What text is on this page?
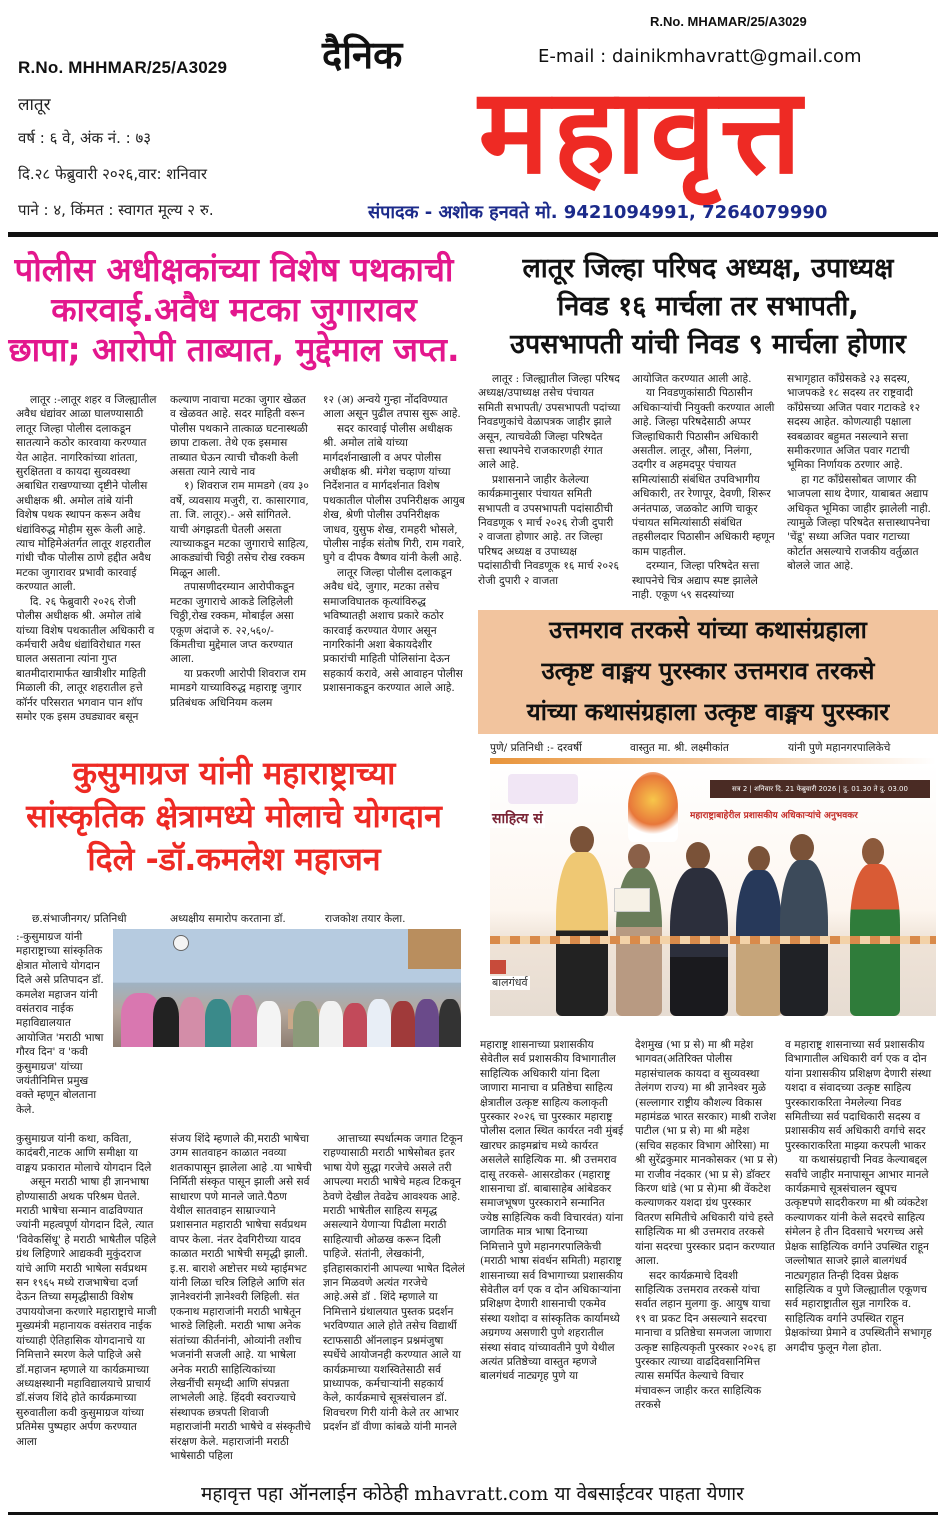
R.No. MHAMAR/25/A3029
दैनिक	E-mail : dainikmhavratt@gmail.com
R.No. MHHMAR/25/A3029
लातूर
वर्ष : ६ वे, अंक नं. : ७३
दि.२८ फेब्रुवारी २०२६,वार: शनिवार
पाने : ४, किंमत : स्वागत मूल्य २ रु.
महावृत्त
संपादक - अशोक हनवते मो. 9421094991, 7264079990
पोलीस अधीक्षकांच्या विशेष पथकाची
कारवाई.अवैध मटका जुगारावर
छापा; आरोपी ताब्यात, मुद्देमाल जप्त.

लातूर :-लातूर शहर व जिल्ह्यातील अवैध धंद्यांवर आळा घालण्यासाठी लातूर जिल्हा पोलीस दलाकडून सातत्याने कठोर कारवाया करण्यात येत आहेत. नागरिकांच्या शांतता, सुरक्षितता व कायदा सुव्यवस्था अबाधित राखण्याच्या दृष्टीने पोलीस अधीक्षक श्री. अमोल तांबे यांनी विशेष पथक स्थापन करून अवैध धंद्यांविरुद्ध मोहीम सुरू केली आहे. त्याच मोहिमेअंतर्गत लातूर शहरातील गांधी चौक पोलीस ठाणे हद्दीत अवैध मटका जुगारावर प्रभावी कारवाई करण्यात आली.

दि. २६ फेब्रुवारी २०२६ रोजी पोलीस अधीक्षक श्री. अमोल तांबे यांच्या विशेष पथकातील अधिकारी व कर्मचारी अवैध धंद्यांविरोधात गस्त घालत असताना त्यांना गुप्त बातमीदारामार्फत खात्रीशीर माहिती मिळाली की, लातूर शहरातील हत्ते कॉर्नर परिसरात भगवान पान शॉप समोर एक इसम उघड्यावर बसून

कल्याण नावाचा मटका जुगार खेळत व खेळवत आहे. सदर माहिती वरून पोलीस पथकाने तात्काळ घटनास्थळी छापा टाकला. तेथे एक इसमास ताब्यात घेऊन त्याची चौकशी केली असता त्याने त्याचे नाव

१) शिवराज राम मामडगे (वय ३० वर्षे, व्यवसाय मजुरी, रा. कासारगाव, ता. जि. लातूर).- असे सांगितले. याची अंगझडती घेतली असता त्याच्याकडून मटका जुगाराचे साहित्य, आकड्यांची चिठ्ठी तसेच रोख रक्कम मिळून आली.

तपासणीदरम्यान आरोपीकडून मटका जुगाराचे आकडे लिहिलेली चिठ्ठी,रोख रक्कम, मोबाईल असा एकूण अंदाजे रु. २२,५६०/- किंमतीचा मुद्देमाल जप्त करण्यात आला.

या प्रकरणी आरोपी शिवराज राम मामडगे याच्याविरुद्ध महाराष्ट्र जुगार प्रतिबंधक अधिनियम कलम

१२ (अ) अन्वये गुन्हा नोंदविण्यात आला असून पुढील तपास सुरू आहे.

सदर कारवाई पोलीस अधीक्षक श्री. अमोल तांबे यांच्या मार्गदर्शनाखाली व अपर पोलीस अधीक्षक श्री. मंगेश चव्हाण यांच्या निर्देशनात व मार्गदर्शनात विशेष पथकातील पोलीस उपनिरीक्षक आयुब शेख, श्रेणी पोलीस उपनिरीक्षक जाधव, युसुफ शेख, रामहरी भोसले, पोलीस नाईक संतोष गिरी, राम गवारे, घुगे व दीपक वैष्णव यांनी केली आहे.

लातूर जिल्हा पोलीस दलाकडून अवैध धंदे, जुगार, मटका तसेच समाजविघातक कृत्यांविरुद्ध भविष्यातही अशाच प्रकारे कठोर कारवाई करण्यात येणार असून नागरिकांनी अशा बेकायदेशीर प्रकारांची माहिती पोलिसांना देऊन सहकार्य करावे, असे आवाहन पोलीस प्रशासनाकडून करण्यात आले आहे.

लातूर जिल्हा परिषद अध्यक्ष, उपाध्यक्ष
निवड १६ मार्चला तर सभापती,
उपसभापती यांची निवड ९ मार्चला होणार

लातूर : जिल्ह्यातील जिल्हा परिषद अध्यक्ष/उपाध्यक्ष तसेच पंचायत समिती सभापती/ उपसभापती पदांच्या निवडणुकांचे वेळापत्रक जाहीर झाले असून, त्याचवेळी जिल्हा परिषदेत सत्ता स्थापनेचे राजकारणही रंगात आले आहे.

प्रशासनाने जाहीर केलेल्या कार्यक्रमानुसार पंचायत समिती सभापती व उपसभापती पदांसाठीची निवडणूक ९ मार्च २०२६ रोजी दुपारी २ वाजता होणार आहे. तर जिल्हा परिषद अध्यक्ष व उपाध्यक्ष पदांसाठीची निवडणूक १६ मार्च २०२६ रोजी दुपारी २ वाजता

आयोजित करण्यात आली आहे.

या निवडणुकांसाठी पिठासीन अधिकाऱ्यांची नियुक्ती करण्यात आली आहे. जिल्हा परिषदेसाठी अप्पर जिल्हाधिकारी पिठासीन अधिकारी असतील. लातूर, औसा, निलंगा, उदगीर व अहमदपूर पंचायत समित्यांसाठी संबंधित उपविभागीय अधिकारी, तर रेणापूर, देवणी, शिरूर अनंतपाळ, जळकोट आणि चाकूर पंचायत समित्यांसाठी संबंधित तहसीलदार पिठासीन अधिकारी म्हणून काम पाहतील.

दरम्यान, जिल्हा परिषदेत सत्ता स्थापनेचे चित्र अद्याप स्पष्ट झालेले नाही. एकूण ५९ सदस्यांच्या

सभागृहात काँग्रेसकडे २३ सदस्य, भाजपकडे १८ सदस्य तर राष्ट्रवादी काँग्रेसच्या अजित पवार गटाकडे १२ सदस्य आहेत. कोणत्याही पक्षाला स्वबळावर बहुमत नसल्याने सत्ता समीकरणात अजित पवार गटाची भूमिका निर्णायक ठरणार आहे.

हा गट काँग्रेससोबत जाणार की भाजपला साथ देणार, याबाबत अद्याप अधिकृत भूमिका जाहीर झालेली नाही. त्यामुळे जिल्हा परिषदेत सत्तास्थापनेचा 'चेंडू' सध्या अजित पवार गटाच्या कोर्टात असल्याचे राजकीय वर्तुळात बोलले जात आहे.

उत्तमराव तरकसे यांच्या कथासंग्रहाला
उत्कृष्ट वाङ्मय पुरस्कार उत्तमराव तरकसे
यांच्या कथासंग्रहाला उत्कृष्ट वाङ्मय पुरस्कार
पुणे/ प्रतिनिधी :- दरवर्षी	वास्तुत मा. श्री. लक्ष्मीकांत	यांनी पुणे महानगरपालिकेचे
सत्र 2 | शनिवार दि. 21 फेब्रुवारी 2026 | दु. 01.30 ते दु. 03.00
महाराष्ट्राबाहेरील प्रशासकीय अधिकाऱ्यांचे अनुभवकर
साहित्य सं
बालगंधर्व

महाराष्ट्र शासनाच्या प्रशासकीय सेवेतील सर्व प्रशासकीय विभागातील साहित्यिक अधिकारी यांना दिला जाणारा मानाचा व प्रतिष्ठेचा साहित्य क्षेत्रातील उत्कृष्ट साहित्य कलाकृती पुरस्कार २०२६ चा पुरस्कार महाराष्ट्र पोलीस दलात स्थित कार्यरत नवी मुंबई खारघर क्राइमब्रांच मध्ये कार्यरत असलेले साहित्यिक मा. श्री उत्तमराव दासू तरकसे- आसरडोकर (महाराष्ट्र शासनाचा डॉ. बाबासाहेब आंबेडकर समाजभूषण पुरस्काराने सन्मानित ज्येष्ठ साहित्यिक कवी विचारवंत) यांना जागतिक मात्र भाषा दिनाच्या निमित्ताने पुणे महानगरपालिकेची (मराठी भाषा संवर्धन समिती) महाराष्ट्र शासनाच्या सर्व विभागाच्या प्रशासकीय सेवेतील वर्ग एक व दोन अधिकाऱ्यांना प्रशिक्षण देणारी शासनाची एकमेव संस्था यशोदा व सांस्कृतिक कार्यामध्ये अग्रगण्य असणारी पुणे शहरातील संस्था संवाद यांच्यावतीने पुणे येथील अत्यंत प्रतिष्ठेच्या वास्तुत म्हणजे बालगंधर्व नाट्यगृह पुणे या

देशमुख (भा प्र से) मा श्री महेश भागवत(अतिरिक्त पोलीस महासंचालक कायदा व सुव्यवस्था तेलंगण राज्य) मा श्री ज्ञानेश्वर मुळे (सल्लागार राष्ट्रीय कौशल्य विकास महामंडळ भारत सरकार) माश्री राजेश पाटील (भा प्र से) मा श्री महेश (सचिव सहकार विभाग ओरिसा) मा श्री सुरेंद्रकुमार मानकोसकर (भा प्र से) मा राजीव नंदकार (भा प्र से) डॉक्टर किरण धांडे (भा प्र से)मा श्री वेंकटेश कल्याणकर यशदा ग्रंथ पुरस्कार वितरण समितीचे अधिकारी यांचे हस्ते साहित्यिक मा श्री उत्तमराव तरकसे यांना सदरचा पुरस्कार प्रदान करण्यात आला.

सदर कार्यक्रमाचे दिवशी साहित्यिक उत्तमराव तरकसे यांचा सर्वात लहान मुलगा कु. आयुष याचा १९ वा प्रकट दिन असल्याने सदरचा मानाचा व प्रतिष्ठेचा समजला जाणारा उत्कृष्ट साहित्यकृती पुरस्कार २०२६ हा पुरस्कार त्याच्या वाढदिवसानिमित्त त्यास समर्पित केल्याचे विचार मंचावरून जाहीर करत साहित्यिक तरकसे

व महाराष्ट्र शासनाच्या सर्व प्रशासकीय विभागातील अधिकारी वर्ग एक व दोन यांना प्रशासकीय प्रशिक्षण देणारी संस्था यशदा व संवादच्या उत्कृष्ट साहित्य पुरस्काराकरिता नेमलेल्या निवड समितीच्या सर्व पदाधिकारी सदस्य व प्रशासकीय सर्व अधिकारी वर्गाचे सदर पुरस्काराकरिता माझ्या करपली भाकर

या कथासंग्रहाची निवड केल्याबद्दल सर्वांचे जाहीर मनापासून आभार मानले कार्यक्रमाचे सूत्रसंचालन खूपच उत्कृष्टपणे सादरीकरण मा श्री व्यंकटेश कल्याणकर यांनी केले सदरचे साहित्य संमेलन हे तीन दिवसाचे भरगच्च असे प्रेक्षक साहित्यिक वर्गाने उपस्थित राहून जल्लोषात साजरे झाले बालगंधर्व नाट्यगृहात तिन्ही दिवस प्रेक्षक साहित्यिक व पुणे जिल्ह्यातील एकूणच सर्व महाराष्ट्रातील सुज्ञ नागरिक व. साहित्यिक वर्गाने उपस्थित राहून प्रेक्षकांच्या प्रेमाने व उपस्थितीने सभागृह अगदीच फुलून गेला होता.

कुसुमाग्रज यांनी महाराष्ट्राच्या
सांस्कृतिक क्षेत्रामध्ये मोलाचे योगदान
दिले -डॉ.कमलेश महाजन
छ.संभाजीनगर/ प्रतिनिधी	अध्यक्षीय समारोप करताना डॉ.	राजकोश तयार केला.

:-कुसुमाग्रज यांनी महाराष्ट्राच्या सांस्कृतिक क्षेत्रात मोलाचे योगदान दिले असे प्रतिपादन डॉ. कमलेश महाजन यांनी वसंतराव नाईक महाविद्यालयात आयोजित 'मराठी भाषा गौरव दिन' व 'कवी कुसुमाग्रज' यांच्या जयंतीनिमित्त प्रमुख वक्ते म्हणून बोलताना केले.

कुसुमाग्रज यांनी कथा, कविता, कादंबरी,नाटक आणि समीक्षा या वाङ्मय प्रकारात मोलाचे योगदान दिले

असून मराठी भाषा ही ज्ञानभाषा होण्यासाठी अथक परिश्रम घेतले. मराठी भाषेचा सन्मान वाढविण्यात ज्यांनी महत्वपूर्ण योगदान दिले, त्यात 'विवेकसिंधू' हे मराठी भाषेतील पहिले ग्रंथ लिहिणारे आद्यकवी मुकुंदराज यांचे आणि मराठी भाषेला सर्वप्रथम सन १९६५ मध्ये राजभाषेचा दर्जा देऊन तिच्या समृद्धीसाठी विशेष उपाययोजना करणारे महाराष्ट्राचे माजी मुख्यमंत्री महानायक वसंतराव नाईक यांच्याही ऐतिहासिक योगदानाचे या निमित्ताने स्मरण केले पाहिजे असे डॉ.महाजन म्हणाले या कार्यक्रमाच्या अध्यक्षस्थानी महाविद्यालयाचे प्राचार्य डॉ.संजय शिंदे होते कार्यक्रमाच्या सुरुवातीला कवी कुसुमाग्रज यांच्या प्रतिमेस पुष्पहार अर्पण करण्यात आला

संजय शिंदे म्हणाले की,मराठी भाषेचा उगम सातवाहन काळात नवव्या शतकापासून झालेला आहे .या भाषेची निर्मिती संस्कृत पासून झाली असे सर्व साधारण पणे मानले जाते.पैठण येथील सातवाहन साम्राज्याने प्रशासनात महाराठी भाषेचा सर्वप्रथम वापर केला. नंतर देवगिरीच्या यादव काळात मराठी भाषेची समृद्धी झाली. इ.स. बाराशे अष्टोत्तर मध्ये म्हाईमभट यांनी लिळा चरित्र लिहिले आणि संत ज्ञानेश्वरांनी ज्ञानेश्वरी लिहिली. संत एकनाथ महाराजांनी मराठी भाषेतून भारुडे लिहिली. मराठी भाषा अनेक संतांच्या कीर्तनांनी, ओव्यांनी तशीच भजनांनी सजली आहे. या भाषेला अनेक मराठी साहित्यिकांच्या लेखनींची समृध्दी आणि संपन्नता लाभलेली आहे. हिंदवी स्वराज्याचे संस्थापक छत्रपती शिवाजी महाराजांनी मराठी भाषेचे व संस्कृतीचे संरक्षण केले. महाराजांनी मराठी भाषेसाठी पहिला

आत्ताच्या स्पर्धात्मक जगात टिकून राहण्यासाठी मराठी भाषेसोबत इतर भाषा येणे सुद्धा गरजेचे असले तरी आपल्या मराठी भाषेचे महत्व टिकवून ठेवणे देखील तेवढेच आवश्यक आहे. मराठी भाषेतील साहित्य समृद्ध असल्याने येणाऱ्या पिढीला मराठी साहित्याची ओळख करून दिली पाहिजे. संतांनी, लेखकांनी, इतिहासकारांनी आपल्या भाषेत दिलेलं ज्ञान मिळवणे अत्यंत गरजेचे आहे.असे डॉ . शिंदे म्हणाले या निमित्ताने ग्रंथालयात पुस्तक प्रदर्शन भरविण्यात आले होते तसेच विद्यार्थी स्टाफसाठी ऑनलाइन प्रश्नमंजुषा स्पर्धेचे आयोजनही करण्यात आले या कार्यक्रमाच्या यशस्वितेसाठी सर्व प्राध्यापक, कर्मचाऱ्यांनी सहकार्य केले, कार्यक्रमाचे सूत्रसंचालन डॉ. शिवचरण गिरी यांनी केले तर आभार प्रदर्शन डॉ वीणा कांबळे यांनी मानले

महावृत्त पहा ऑनलाईन कोठेही mhavratt.com या वेबसाईटवर पाहता येणार
